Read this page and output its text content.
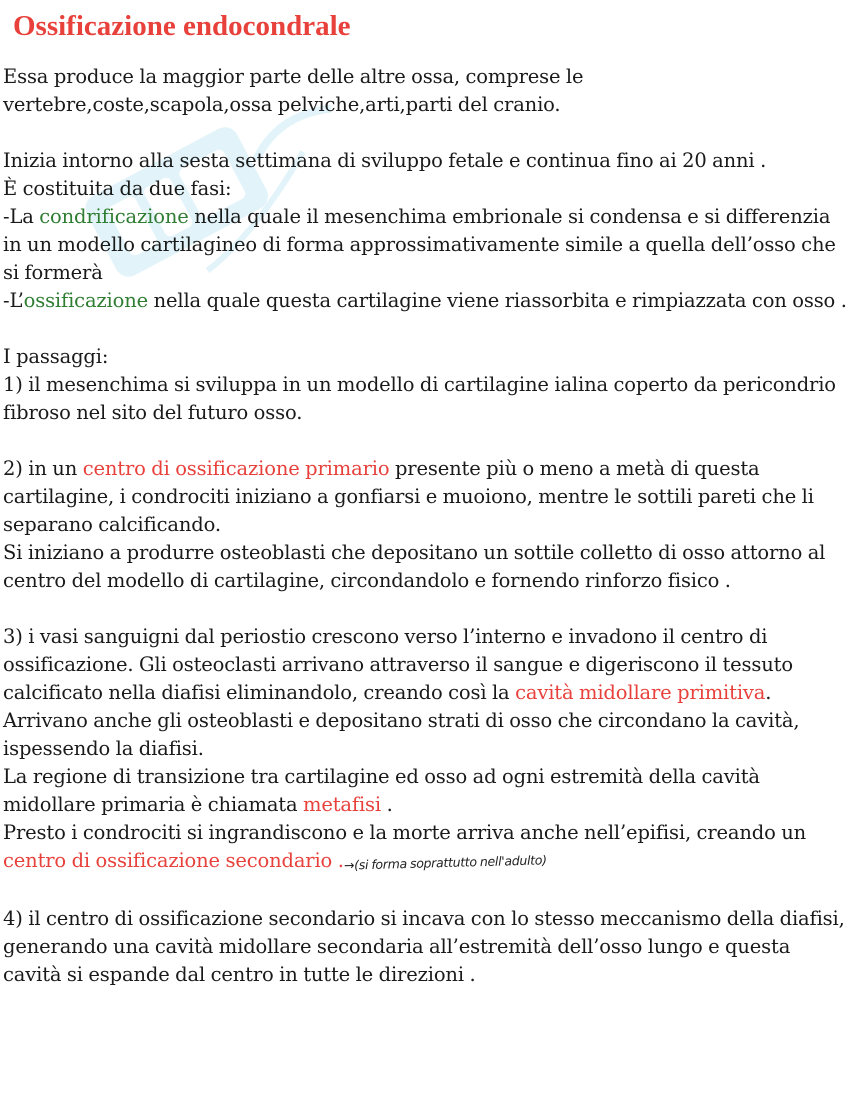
Ossificazione endocondrale

Essa produce la maggior parte delle altre ossa, comprese le vertebre,coste,scapola,ossa pelviche,arti,parti del cranio.

Inizia intorno alla sesta settimana di sviluppo fetale e continua fino ai 20 anni .

È costituita da due fasi:

-La condrificazione nella quale il mesenchima embrionale si condensa e si differenzia in un modello cartilagineo di forma approssimativamente simile a quella dell’osso che si formerà

-L’ossificazione nella quale questa cartilagine viene riassorbita e rimpiazzata con osso .

I passaggi:

1) il mesenchima si sviluppa in un modello di cartilagine ialina coperto da pericondrio fibroso nel sito del futuro osso.

2) in un centro di ossificazione primario presente più o meno a metà di questa cartilagine, i condrociti iniziano a gonfiarsi e muoiono, mentre le sottili pareti che li separano calcificando.

Si iniziano a produrre osteoblasti che depositano un sottile colletto di osso attorno al centro del modello di cartilagine, circondandolo e fornendo rinforzo fisico .

3) i vasi sanguigni dal periostio crescono verso l’interno e invadono il centro di ossificazione. Gli osteoclasti arrivano attraverso il sangue e digeriscono il tessuto calcificato nella diafisi eliminandolo, creando così la cavità midollare primitiva.

Arrivano anche gli osteoblasti e depositano strati di osso che circondano la cavità, ispessendo la diafisi.

La regione di transizione tra cartilagine ed osso ad ogni estremità della cavità midollare primaria è chiamata metafisi .

Presto i condrociti si ingrandiscono e la morte arriva anche nell’epifisi, creando un centro di ossificazione secondario .→(si forma soprattutto nell'adulto)

4) il centro di ossificazione secondario si incava con lo stesso meccanismo della diafisi, generando una cavità midollare secondaria all’estremità dell’osso lungo e questa cavità si espande dal centro in tutte le direzioni .
